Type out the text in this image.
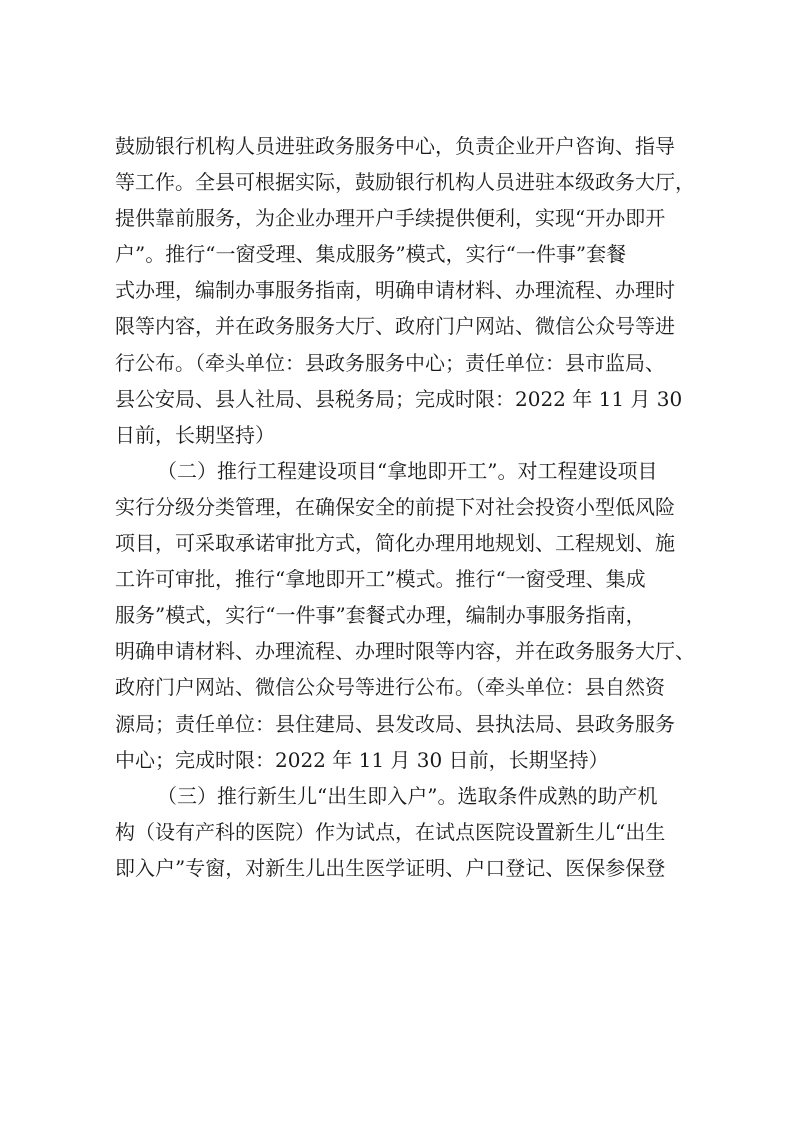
鼓励银行机构人员进驻政务服务中心，负责企业开户咨询、指导
等工作。全县可根据实际，鼓励银行机构人员进驻本级政务大厅，
提供靠前服务，为企业办理开户手续提供便利，实现“开办即开
户”。推行“一窗受理、集成服务”模式，实行“一件事”套餐
式办理，编制办事服务指南，明确申请材料、办理流程、办理时
限等内容，并在政务服务大厅、政府门户网站、微信公众号等进
行公布。（牵头单位：县政务服务中心；责任单位：县市监局、
县公安局、县人社局、县税务局；完成时限：2022 年 11 月 30
日前，长期坚持）
（二）推行工程建设项目“拿地即开工”。对工程建设项目
实行分级分类管理，在确保安全的前提下对社会投资小型低风险
项目，可采取承诺审批方式，简化办理用地规划、工程规划、施
工许可审批，推行“拿地即开工”模式。推行“一窗受理、集成
服务”模式，实行“一件事”套餐式办理，编制办事服务指南，
明确申请材料、办理流程、办理时限等内容，并在政务服务大厅、
政府门户网站、微信公众号等进行公布。（牵头单位：县自然资
源局；责任单位：县住建局、县发改局、县执法局、县政务服务
中心；完成时限：2022 年 11 月 30 日前，长期坚持）
（三）推行新生儿“出生即入户”。选取条件成熟的助产机
构（设有产科的医院）作为试点，在试点医院设置新生儿“出生
即入户”专窗，对新生儿出生医学证明、户口登记、医保参保登
